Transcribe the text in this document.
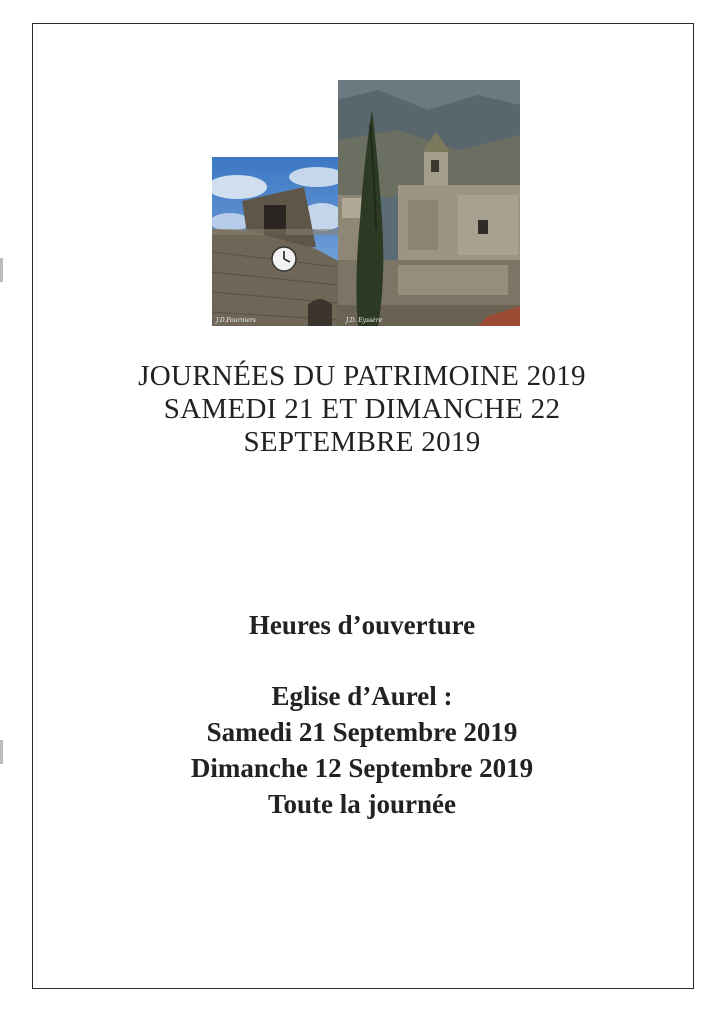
J.D.Fourniers	J.D. Eyssère
JOURNÉES DU PATRIMOINE 2019
SAMEDI 21 ET DIMANCHE 22
SEPTEMBRE 2019
Heures d’ouverture
Eglise d’Aurel :
Samedi 21 Septembre 2019
Dimanche 12 Septembre 2019
Toute la journée
